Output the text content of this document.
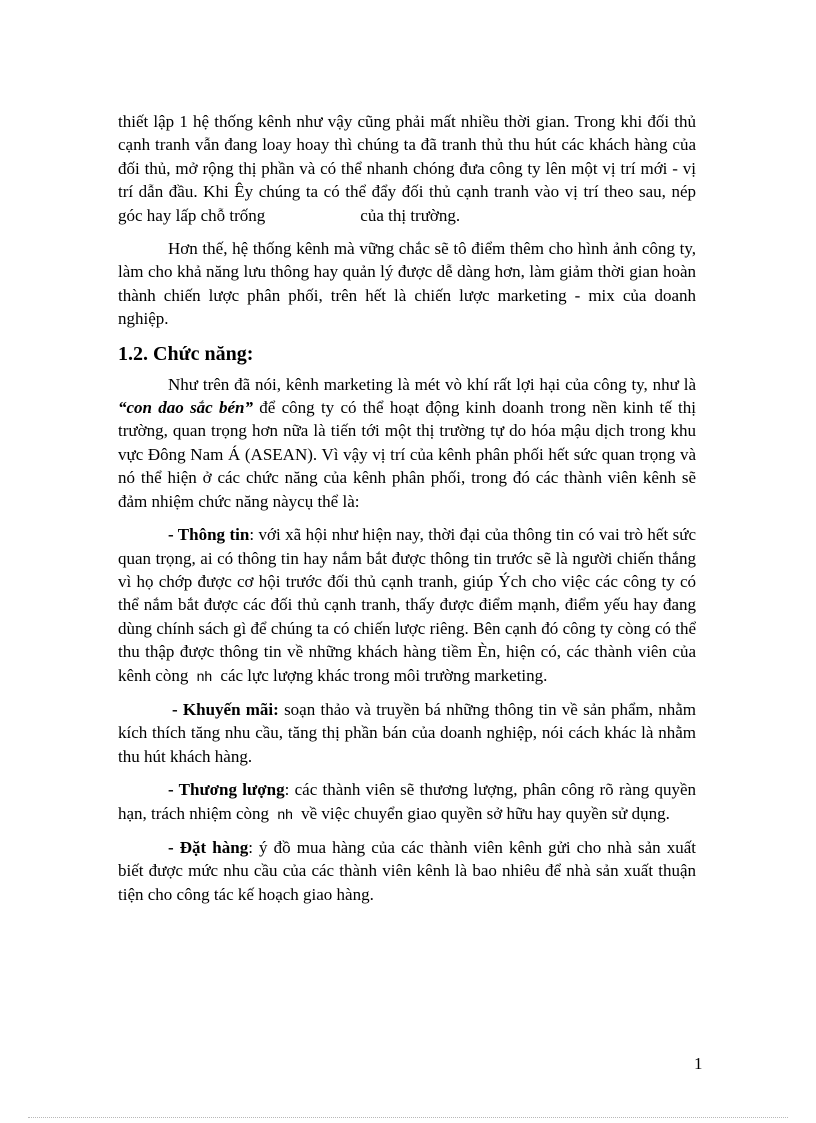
thiết lập 1 hệ thống kênh như vậy cũng phải mất nhiều thời gian. Trong khi đối thủ cạnh tranh vẫn đang loay hoay thì chúng ta đã tranh thủ thu hút các khách hàng của đối thủ, mở rộng thị phần và có thể nhanh chóng đưa công ty lên một vị trí mới - vị trí dẫn đầu. Khi Êy chúng ta có thể đẩy đối thủ cạnh tranh vào vị trí theo sau, nép góc hay lấp chỗ trống	của thị trường.

Hơn thế, hệ thống kênh mà vững chắc sẽ tô điểm thêm cho hình ảnh công ty, làm cho khả năng lưu thông hay quản lý được dễ dàng hơn, làm giảm thời gian hoàn thành chiến lược phân phối, trên hết là chiến lược marketing - mix của doanh nghiệp.

1.2. Chức năng:

Như trên đã nói, kênh marketing là mét vò khí rất lợi hại của công ty, như là “con dao sắc bén” để công ty có thể hoạt động kinh doanh trong nền kinh tế thị trường, quan trọng hơn nữa là tiến tới một thị trường tự do hóa mậu dịch trong khu vực Đông Nam Á (ASEAN). Vì vậy vị trí của kênh phân phối hết sức quan trọng và nó thể hiện ở các chức năng của kênh phân phối, trong đó các thành viên kênh sẽ đảm nhiệm chức năng nàycụ thể là:

- Thông tin: với xã hội như hiện nay, thời đại của thông tin có vai trò hết sức quan trọng, ai có thông tin hay nắm bắt được thông tin trước sẽ là người chiến thắng vì họ chớp được cơ hội trước đối thủ cạnh tranh, giúp Ých cho việc các công ty có thể nắm bắt được các đối thủ cạnh tranh, thấy được điểm mạnh, điểm yếu hay đang dùng chính sách gì để chúng ta có chiến lược riêng. Bên cạnh đó công ty còng có thể thu thập được thông tin về những khách hàng tiềm Èn, hiện có, các thành viên của kênh còng nh các lực lượng khác trong môi trường marketing.

- Khuyến mãi: soạn thảo và truyền bá những thông tin về sản phẩm, nhằm kích thích tăng nhu cầu, tăng thị phần bán của doanh nghiệp, nói cách khác là nhằm thu hút khách hàng.

- Thương lượng: các thành viên sẽ thương lượng, phân công rõ ràng quyền hạn, trách nhiệm còng nh về việc chuyển giao quyền sở hữu hay quyền sử dụng.

- Đặt hàng: ý đồ mua hàng của các thành viên kênh gửi cho nhà sản xuất biết được mức nhu cầu của các thành viên kênh là bao nhiêu để nhà sản xuất thuận tiện cho công tác kế hoạch giao hàng.

1
